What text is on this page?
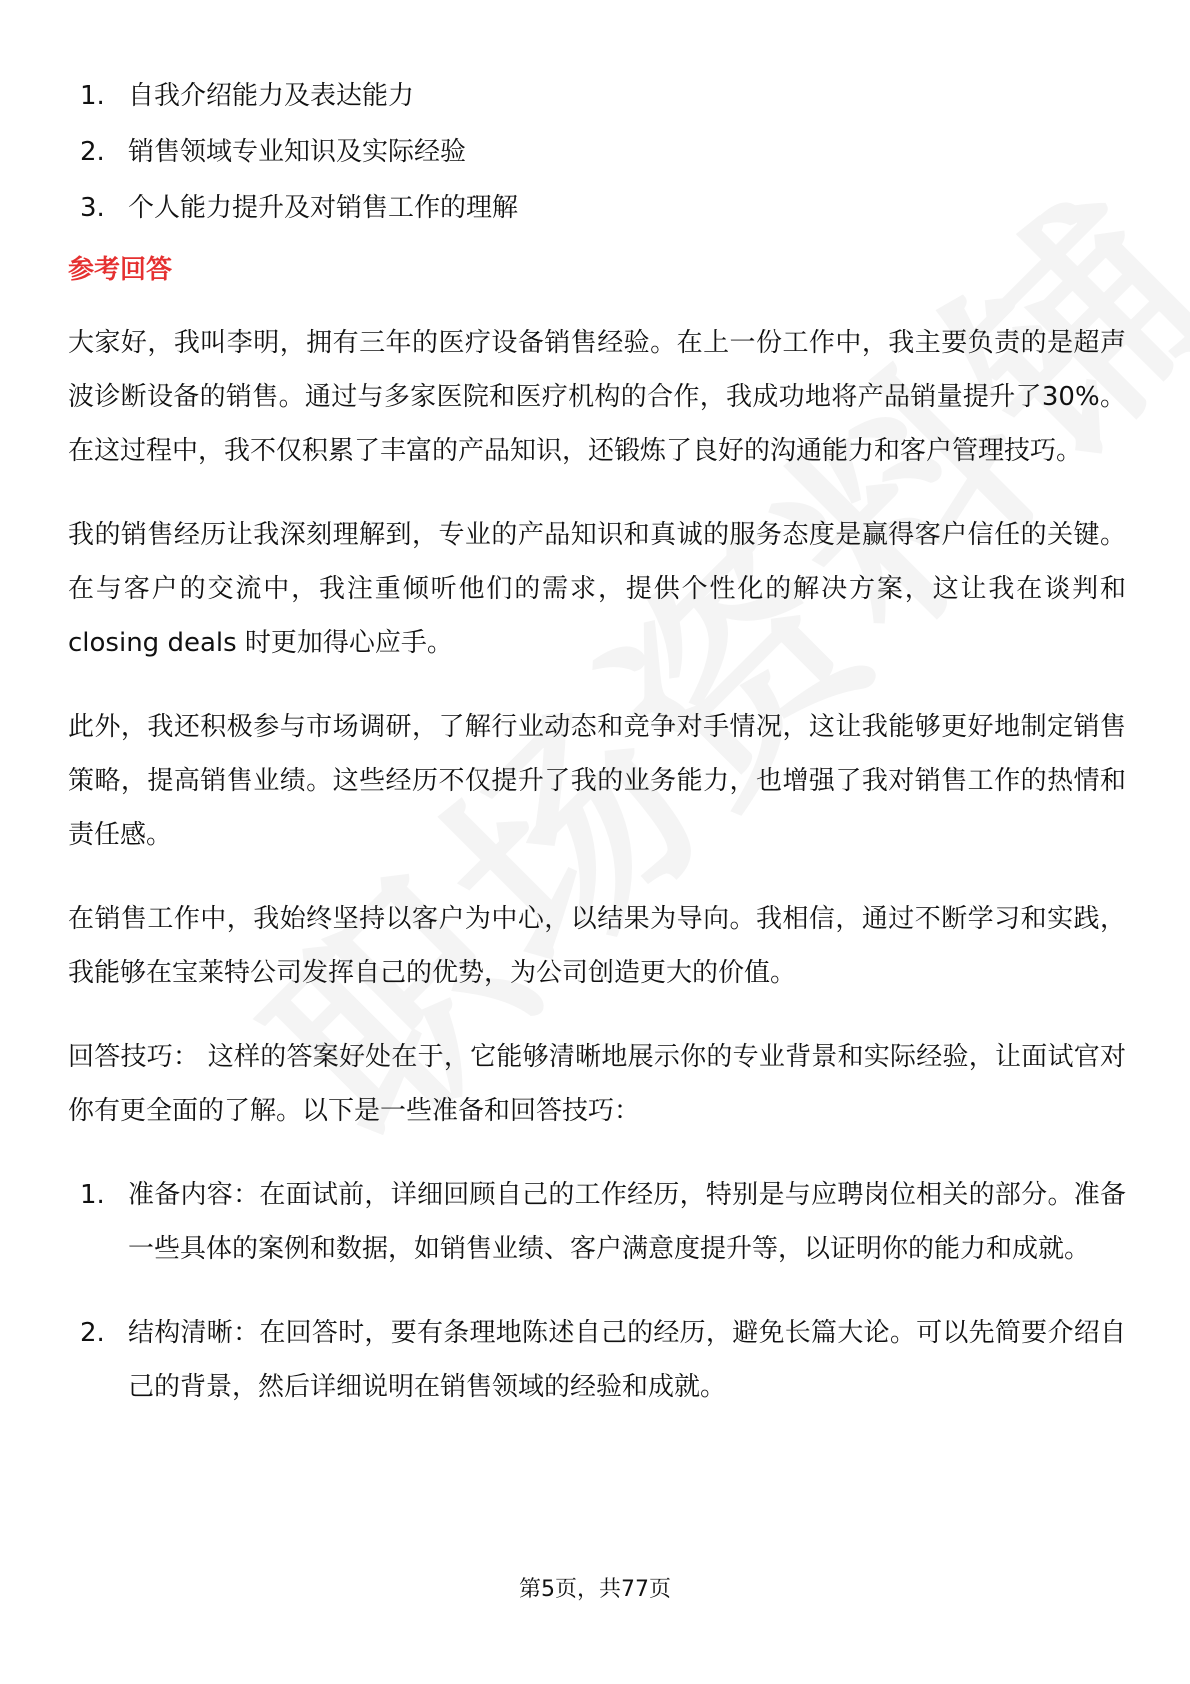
1. 自我介绍能力及表达能力
2. 销售领域专业知识及实际经验
3. 个人能力提升及对销售工作的理解
参考回答

大家好，我叫李明，拥有三年的医疗设备销售经验。在上一份工作中，我主要负责的是超声波诊断设备的销售。通过与多家医院和医疗机构的合作，我成功地将产品销量提升了30%。在这过程中，我不仅积累了丰富的产品知识，还锻炼了良好的沟通能力和客户管理技巧。

我的销售经历让我深刻理解到，专业的产品知识和真诚的服务态度是赢得客户信任的关键。在与客户的交流中，我注重倾听他们的需求，提供个性化的解决方案，这让我在谈判和 closing deals 时更加得心应手。

此外，我还积极参与市场调研，了解行业动态和竞争对手情况，这让我能够更好地制定销售策略，提高销售业绩。这些经历不仅提升了我的业务能力，也增强了我对销售工作的热情和责任感。

在销售工作中，我始终坚持以客户为中心，以结果为导向。我相信，通过不断学习和实践，我能够在宝莱特公司发挥自己的优势，为公司创造更大的价值。

回答技巧： 这样的答案好处在于，它能够清晰地展示你的专业背景和实际经验，让面试官对你有更全面的了解。以下是一些准备和回答技巧：

1. 准备内容：在面试前，详细回顾自己的工作经历，特别是与应聘岗位相关的部分。准备一些具体的案例和数据，如销售业绩、客户满意度提升等，以证明你的能力和成就。
2. 结构清晰：在回答时，要有条理地陈述自己的经历，避免长篇大论。可以先简要介绍自己的背景，然后详细说明在销售领域的经验和成就。
第5页，共77页
